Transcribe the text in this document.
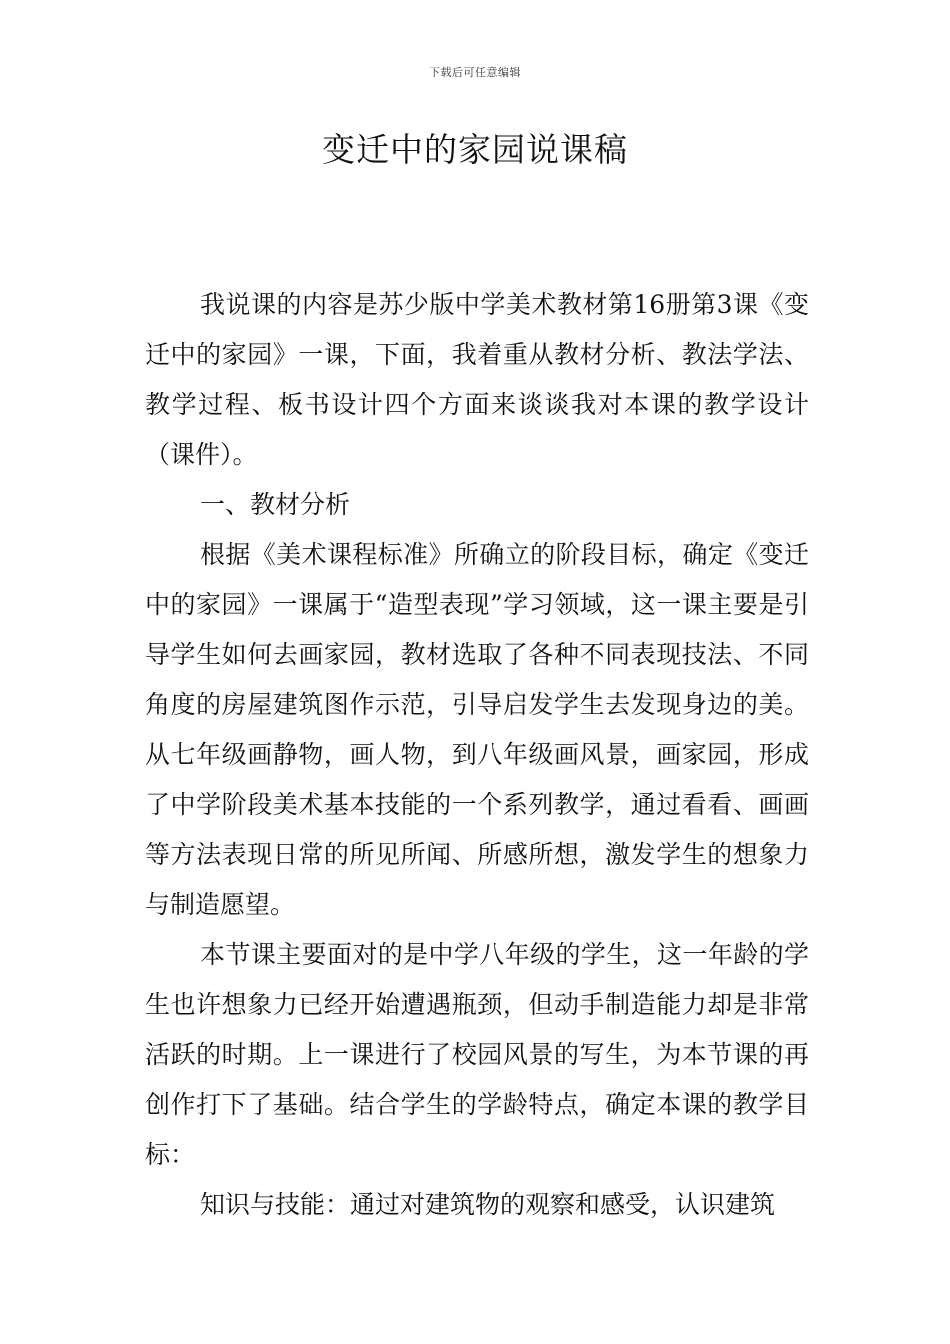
下载后可任意编辑
变迁中的家园说课稿

我说课的内容是苏少版中学美术教材第16册第3课《变迁中的家园》一课，下面，我着重从教材分析、教法学法、教学过程、板书设计四个方面来谈谈我对本课的教学设计（课件）。

一、教材分析

根据《美术课程标准》所确立的阶段目标，确定《变迁中的家园》一课属于“造型表现”学习领域，这一课主要是引导学生如何去画家园，教材选取了各种不同表现技法、不同角度的房屋建筑图作示范，引导启发学生去发现身边的美。从七年级画静物，画人物，到八年级画风景，画家园，形成了中学阶段美术基本技能的一个系列教学，通过看看、画画等方法表现日常的所见所闻、所感所想，激发学生的想象力与制造愿望。

本节课主要面对的是中学八年级的学生，这一年龄的学生也许想象力已经开始遭遇瓶颈，但动手制造能力却是非常活跃的时期。上一课进行了校园风景的写生，为本节课的再创作打下了基础。结合学生的学龄特点，确定本课的教学目标：

知识与技能：通过对建筑物的观察和感受，认识建筑
